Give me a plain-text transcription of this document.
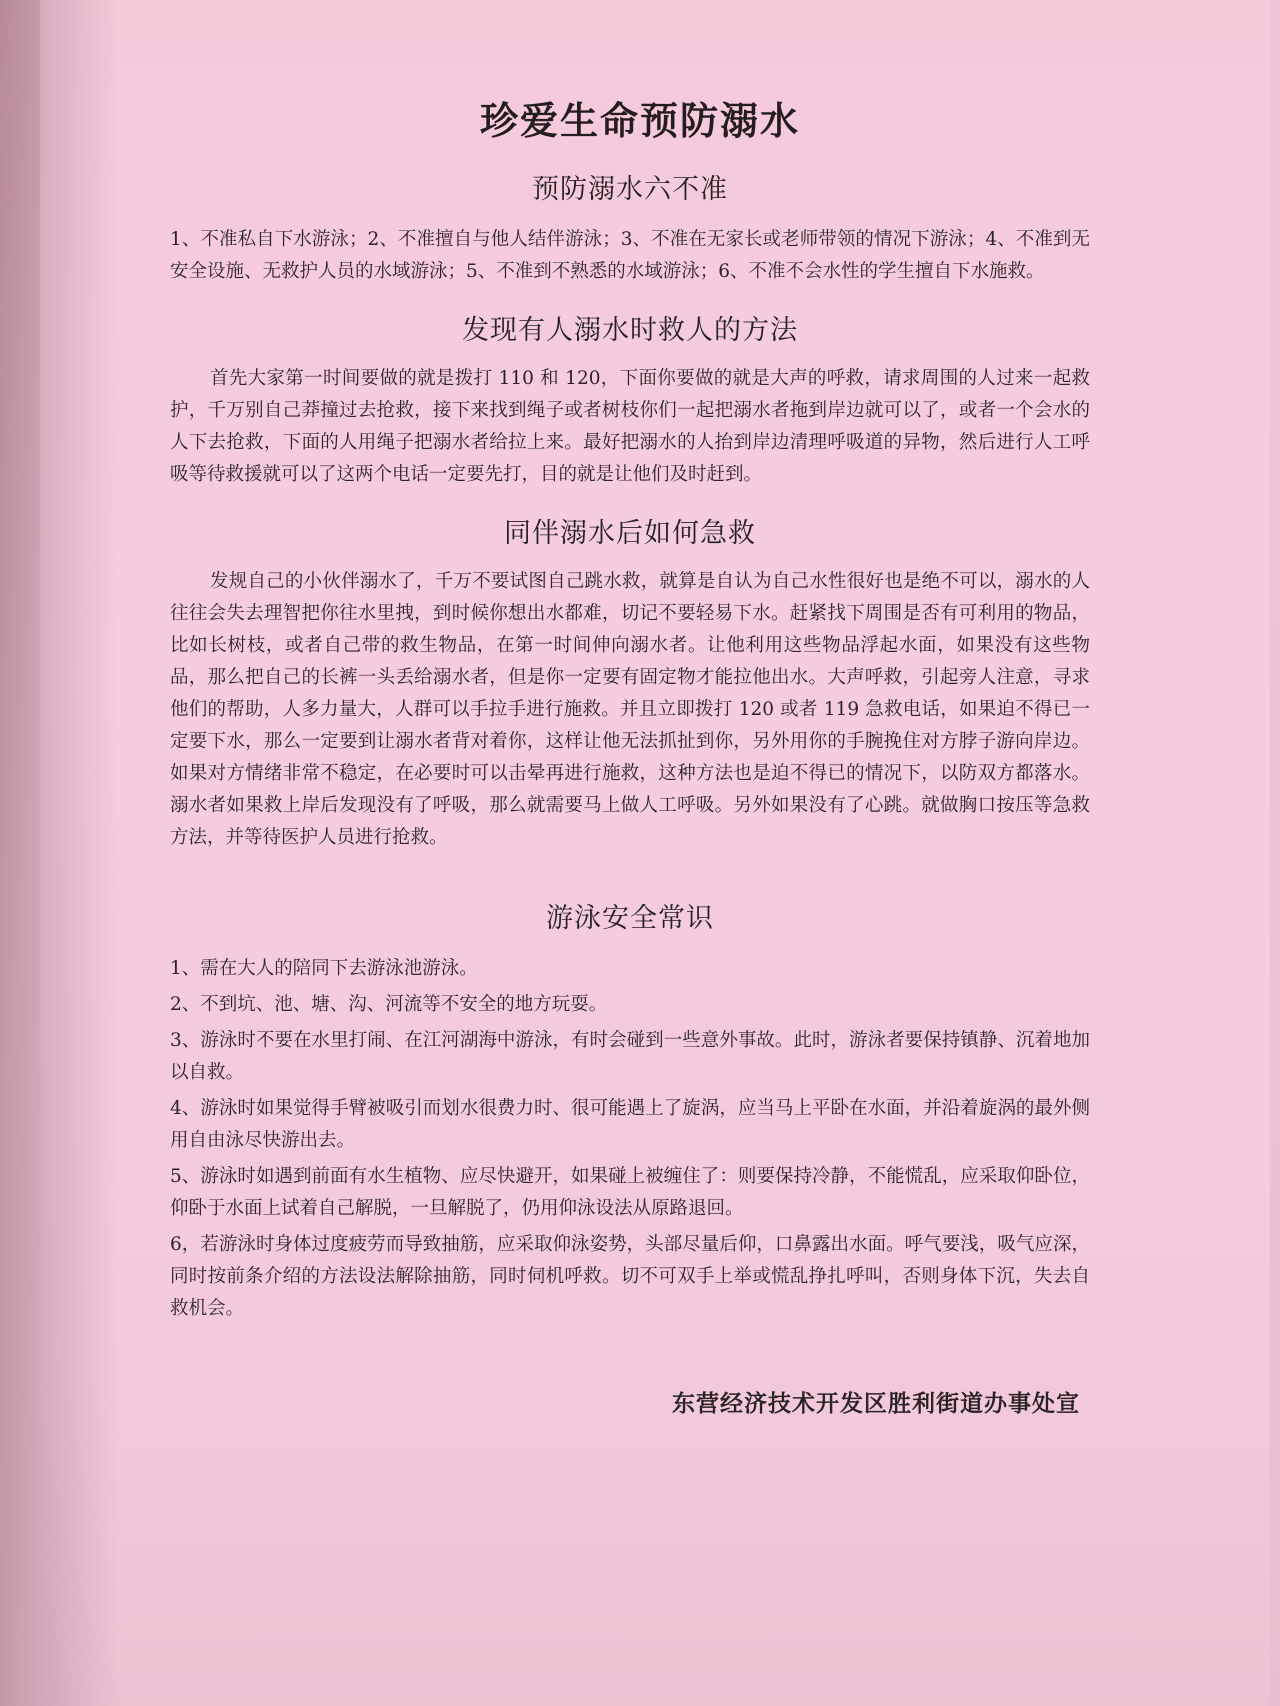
珍爱生命预防溺水
预防溺水六不准

1、不准私自下水游泳；2、不准擅自与他人结伴游泳；3、不准在无家长或老师带领的情况下游泳；4、不准到无安全设施、无救护人员的水域游泳；5、不准到不熟悉的水域游泳；6、不准不会水性的学生擅自下水施救。

发现有人溺水时救人的方法

首先大家第一时间要做的就是拨打 110 和 120，下面你要做的就是大声的呼救，请求周围的人过来一起救护，千万别自己莽撞过去抢救，接下来找到绳子或者树枝你们一起把溺水者拖到岸边就可以了，或者一个会水的人下去抢救，下面的人用绳子把溺水者给拉上来。最好把溺水的人抬到岸边清理呼吸道的异物，然后进行人工呼吸等待救援就可以了这两个电话一定要先打，目的就是让他们及时赶到。

同伴溺水后如何急救

发规自己的小伙伴溺水了，千万不要试图自己跳水救，就算是自认为自己水性很好也是绝不可以，溺水的人往往会失去理智把你往水里拽，到时候你想出水都难，切记不要轻易下水。赶紧找下周围是否有可利用的物品，比如长树枝，或者自己带的救生物品，在第一时间伸向溺水者。让他利用这些物品浮起水面，如果没有这些物品，那么把自己的长裤一头丢给溺水者，但是你一定要有固定物才能拉他出水。大声呼救，引起旁人注意，寻求他们的帮助，人多力量大，人群可以手拉手进行施救。并且立即拨打 120 或者 119 急救电话，如果迫不得已一定要下水，那么一定要到让溺水者背对着你，这样让他无法抓扯到你，另外用你的手腕挽住对方脖子游向岸边。如果对方情绪非常不稳定，在必要时可以击晕再进行施救，这种方法也是迫不得已的情况下，以防双方都落水。溺水者如果救上岸后发现没有了呼吸，那么就需要马上做人工呼吸。另外如果没有了心跳。就做胸口按压等急救方法，并等待医护人员进行抢救。

游泳安全常识

1、需在大人的陪同下去游泳池游泳。

2、不到坑、池、塘、沟、河流等不安全的地方玩耍。

3、游泳时不要在水里打闹、在江河湖海中游泳，有时会碰到一些意外事故。此时，游泳者要保持镇静、沉着地加以自救。

4、游泳时如果觉得手臂被吸引而划水很费力时、很可能遇上了旋涡，应当马上平卧在水面，并沿着旋涡的最外侧用自由泳尽快游出去。

5、游泳时如遇到前面有水生植物、应尽快避开，如果碰上被缠住了：则要保持冷静，不能慌乱，应采取仰卧位，仰卧于水面上试着自己解脱，一旦解脱了，仍用仰泳设法从原路退回。

6，若游泳时身体过度疲劳而导致抽筋，应采取仰泳姿势，头部尽量后仰，口鼻露出水面。呼气要浅，吸气应深，同时按前条介绍的方法设法解除抽筋，同时伺机呼救。切不可双手上举或慌乱挣扎呼叫，否则身体下沉，失去自救机会。

东营经济技术开发区胜利街道办事处宣
